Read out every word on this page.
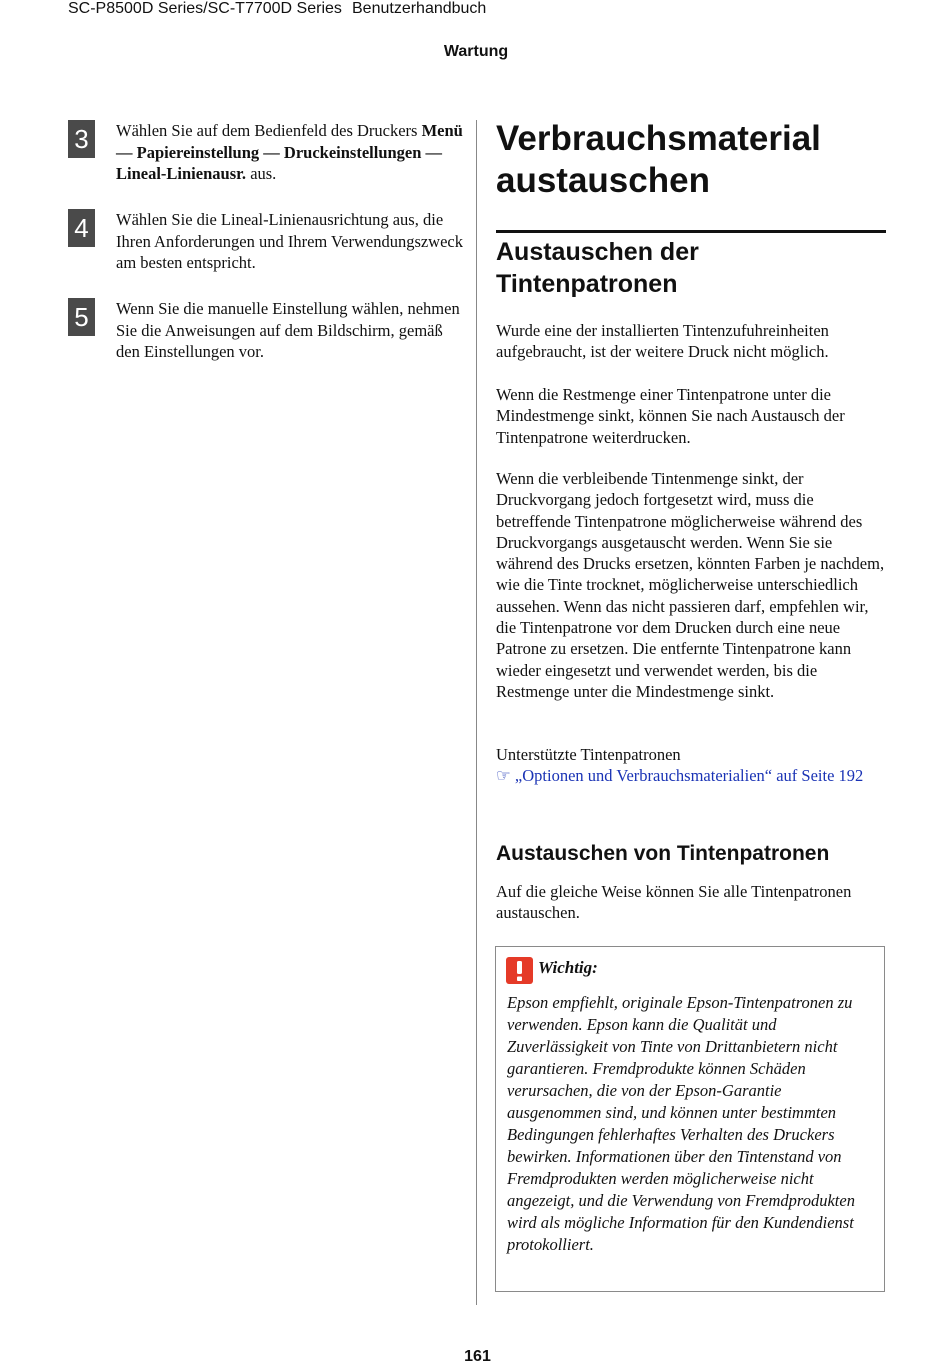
SC-P8500D Series/SC-T7700D Series Benutzerhandbuch
Wartung
3	Wählen Sie auf dem Bedienfeld des Druckers Menü — Papiereinstellung — Druckeinstellungen — Lineal-Linienausr. aus.
4	Wählen Sie die Lineal-Linienausrichtung aus, die Ihren Anforderungen und Ihrem Verwendungszweck am besten entspricht.
5	Wenn Sie die manuelle Einstellung wählen, nehmen Sie die Anweisungen auf dem Bildschirm, gemäß den Einstellungen vor.
Verbrauchsmaterial austauschen
Austauschen der Tintenpatronen

Wurde eine der installierten Tintenzufuhreinheiten aufgebraucht, ist der weitere Druck nicht möglich.

Wenn die Restmenge einer Tintenpatrone unter die Mindestmenge sinkt, können Sie nach Austausch der Tintenpatrone weiterdrucken.

Wenn die verbleibende Tintenmenge sinkt, der Druckvorgang jedoch fortgesetzt wird, muss die betreffende Tintenpatrone möglicherweise während des Druckvorgangs ausgetauscht werden. Wenn Sie sie während des Drucks ersetzen, könnten Farben je nachdem, wie die Tinte trocknet, möglicherweise unterschiedlich aussehen. Wenn das nicht passieren darf, empfehlen wir, die Tintenpatrone vor dem Drucken durch eine neue Patrone zu ersetzen. Die entfernte Tintenpatrone kann wieder eingesetzt und verwendet werden, bis die Restmenge unter die Mindestmenge sinkt.

Unterstützte Tintenpatronen
☞ „Optionen und Verbrauchsmaterialien“ auf Seite 192
Austauschen von Tintenpatronen

Auf die gleiche Weise können Sie alle Tintenpatronen austauschen.

Wichtig:
Epson empfiehlt, originale Epson-Tintenpatronen zu verwenden. Epson kann die Qualität und Zuverlässigkeit von Tinte von Drittanbietern nicht garantieren. Fremdprodukte können Schäden verursachen, die von der Epson-Garantie ausgenommen sind, und können unter bestimmten Bedingungen fehlerhaftes Verhalten des Druckers bewirken. Informationen über den Tintenstand von Fremdprodukten werden möglicherweise nicht angezeigt, und die Verwendung von Fremdprodukten wird als mögliche Information für den Kundendienst protokolliert.
161
